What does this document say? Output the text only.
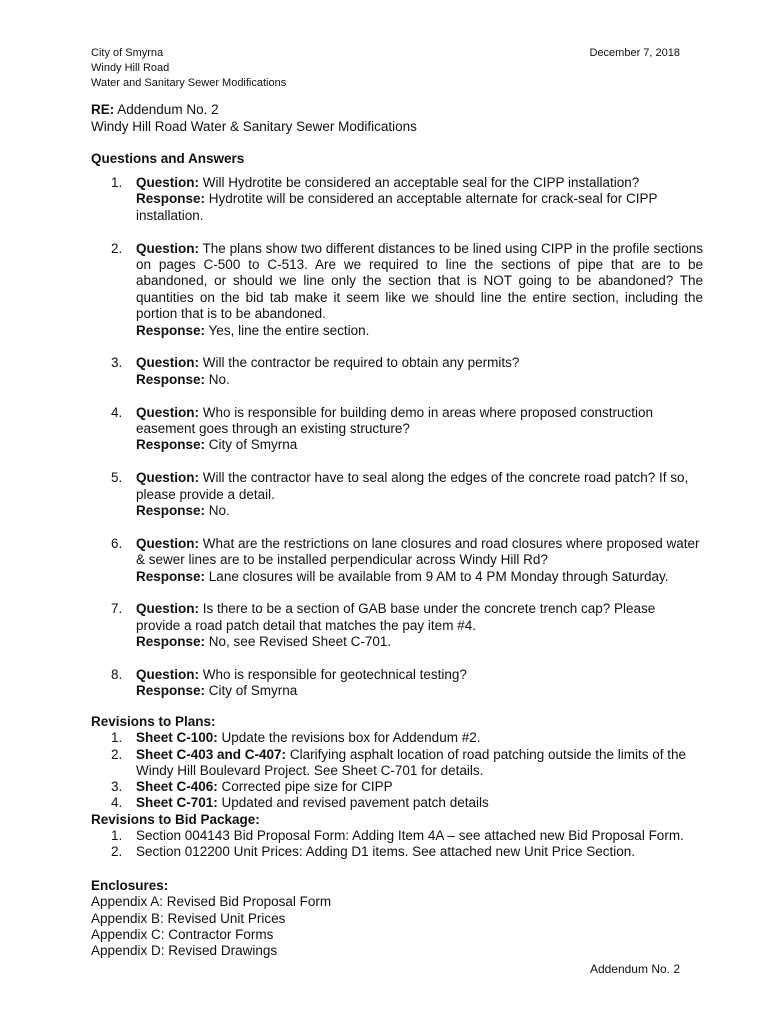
City of Smyrna
Windy Hill Road
Water and Sanitary Sewer Modifications
December 7, 2018
RE: Addendum No. 2
Windy Hill Road Water & Sanitary Sewer Modifications
Questions and Answers
1. Question: Will Hydrotite be considered an acceptable seal for the CIPP installation?
Response: Hydrotite will be considered an acceptable alternate for crack-seal for CIPP installation.
2. Question: The plans show two different distances to be lined using CIPP in the profile sections on pages C-500 to C-513. Are we required to line the sections of pipe that are to be abandoned, or should we line only the section that is NOT going to be abandoned? The quantities on the bid tab make it seem like we should line the entire section, including the portion that is to be abandoned.
Response: Yes, line the entire section.
3. Question: Will the contractor be required to obtain any permits?
Response: No.
4. Question: Who is responsible for building demo in areas where proposed construction easement goes through an existing structure?
Response: City of Smyrna
5. Question: Will the contractor have to seal along the edges of the concrete road patch? If so, please provide a detail.
Response: No.
6. Question: What are the restrictions on lane closures and road closures where proposed water & sewer lines are to be installed perpendicular across Windy Hill Rd?
Response: Lane closures will be available from 9 AM to 4 PM Monday through Saturday.
7. Question: Is there to be a section of GAB base under the concrete trench cap? Please provide a road patch detail that matches the pay item #4.
Response: No, see Revised Sheet C-701.
8. Question: Who is responsible for geotechnical testing?
Response: City of Smyrna
Revisions to Plans:
1. Sheet C-100: Update the revisions box for Addendum #2.
2. Sheet C-403 and C-407: Clarifying asphalt location of road patching outside the limits of the Windy Hill Boulevard Project. See Sheet C-701 for details.
3. Sheet C-406: Corrected pipe size for CIPP
4. Sheet C-701: Updated and revised pavement patch details
Revisions to Bid Package:
1. Section 004143 Bid Proposal Form: Adding Item 4A – see attached new Bid Proposal Form.
2. Section 012200 Unit Prices: Adding D1 items. See attached new Unit Price Section.
Enclosures:
Appendix A: Revised Bid Proposal Form
Appendix B: Revised Unit Prices
Appendix C: Contractor Forms
Appendix D: Revised Drawings
Addendum No. 2
